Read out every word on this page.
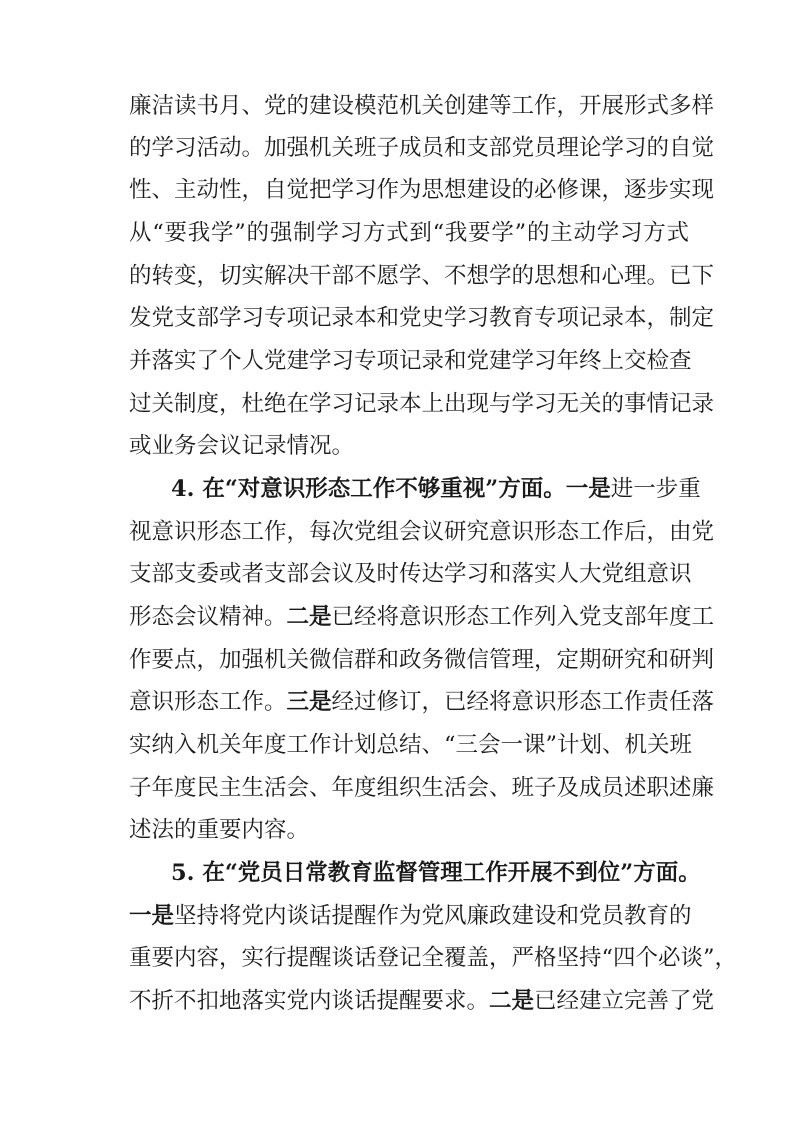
廉洁读书月、党的建设模范机关创建等工作，开展形式多样
的学习活动。加强机关班子成员和支部党员理论学习的自觉
性、主动性，自觉把学习作为思想建设的必修课，逐步实现
从“要我学”的强制学习方式到“我要学”的主动学习方式
的转变，切实解决干部不愿学、不想学的思想和心理。已下
发党支部学习专项记录本和党史学习教育专项记录本，制定
并落实了个人党建学习专项记录和党建学习年终上交检查
过关制度，杜绝在学习记录本上出现与学习无关的事情记录
或业务会议记录情况。
4. 在“对意识形态工作不够重视”方面。一是进一步重
视意识形态工作，每次党组会议研究意识形态工作后，由党
支部支委或者支部会议及时传达学习和落实人大党组意识
形态会议精神。二是已经将意识形态工作列入党支部年度工
作要点，加强机关微信群和政务微信管理，定期研究和研判
意识形态工作。三是经过修订，已经将意识形态工作责任落
实纳入机关年度工作计划总结、“三会一课”计划、机关班
子年度民主生活会、年度组织生活会、班子及成员述职述廉
述法的重要内容。
5. 在“党员日常教育监督管理工作开展不到位”方面。
一是坚持将党内谈话提醒作为党风廉政建设和党员教育的
重要内容，实行提醒谈话登记全覆盖，严格坚持“四个必谈”，
不折不扣地落实党内谈话提醒要求。二是已经建立完善了党
